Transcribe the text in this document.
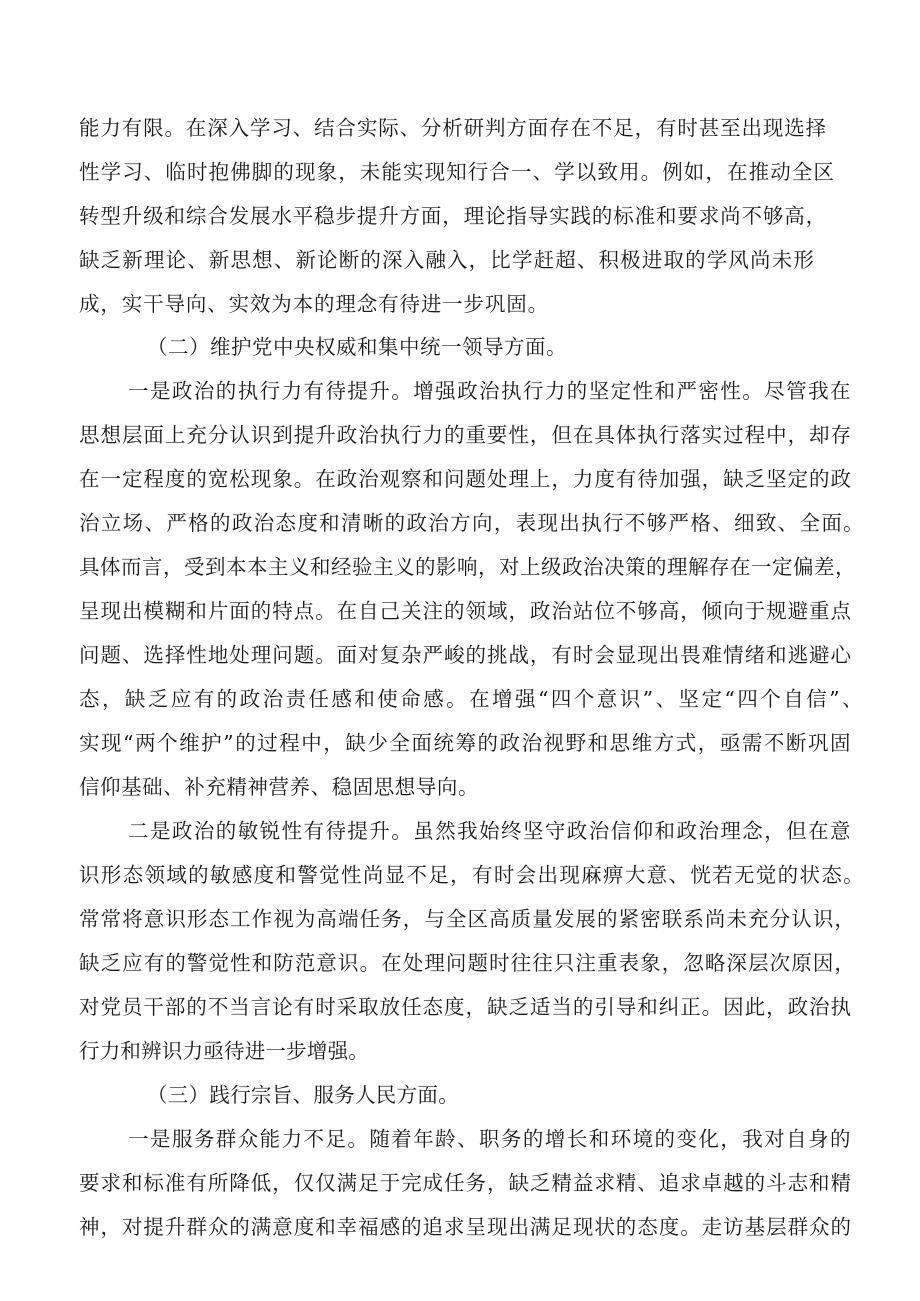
能力有限。在深入学习、结合实际、分析研判方面存在不足，有时甚至出现选择
性学习、临时抱佛脚的现象，未能实现知行合一、学以致用。例如，在推动全区
转型升级和综合发展水平稳步提升方面，理论指导实践的标准和要求尚不够高，
缺乏新理论、新思想、新论断的深入融入，比学赶超、积极进取的学风尚未形
成，实干导向、实效为本的理念有待进一步巩固。
（二）维护党中央权威和集中统一领导方面。
一是政治的执行力有待提升。增强政治执行力的坚定性和严密性。尽管我在
思想层面上充分认识到提升政治执行力的重要性，但在具体执行落实过程中，却存
在一定程度的宽松现象。在政治观察和问题处理上，力度有待加强，缺乏坚定的政
治立场、严格的政治态度和清晰的政治方向，表现出执行不够严格、细致、全面。
具体而言，受到本本主义和经验主义的影响，对上级政治决策的理解存在一定偏差，
呈现出模糊和片面的特点。在自己关注的领域，政治站位不够高，倾向于规避重点
问题、选择性地处理问题。面对复杂严峻的挑战，有时会显现出畏难情绪和逃避心
态，缺乏应有的政治责任感和使命感。在增强“四个意识”、坚定“四个自信”、
实现“两个维护”的过程中，缺少全面统筹的政治视野和思维方式，亟需不断巩固
信仰基础、补充精神营养、稳固思想导向。
二是政治的敏锐性有待提升。虽然我始终坚守政治信仰和政治理念，但在意
识形态领域的敏感度和警觉性尚显不足，有时会出现麻痹大意、恍若无觉的状态。
常常将意识形态工作视为高端任务，与全区高质量发展的紧密联系尚未充分认识，
缺乏应有的警觉性和防范意识。在处理问题时往往只注重表象，忽略深层次原因，
对党员干部的不当言论有时采取放任态度，缺乏适当的引导和纠正。因此，政治执
行力和辨识力亟待进一步增强。
（三）践行宗旨、服务人民方面。
一是服务群众能力不足。随着年龄、职务的增长和环境的变化，我对自身的
要求和标准有所降低，仅仅满足于完成任务，缺乏精益求精、追求卓越的斗志和精
神，对提升群众的满意度和幸福感的追求呈现出满足现状的态度。走访基层群众的
